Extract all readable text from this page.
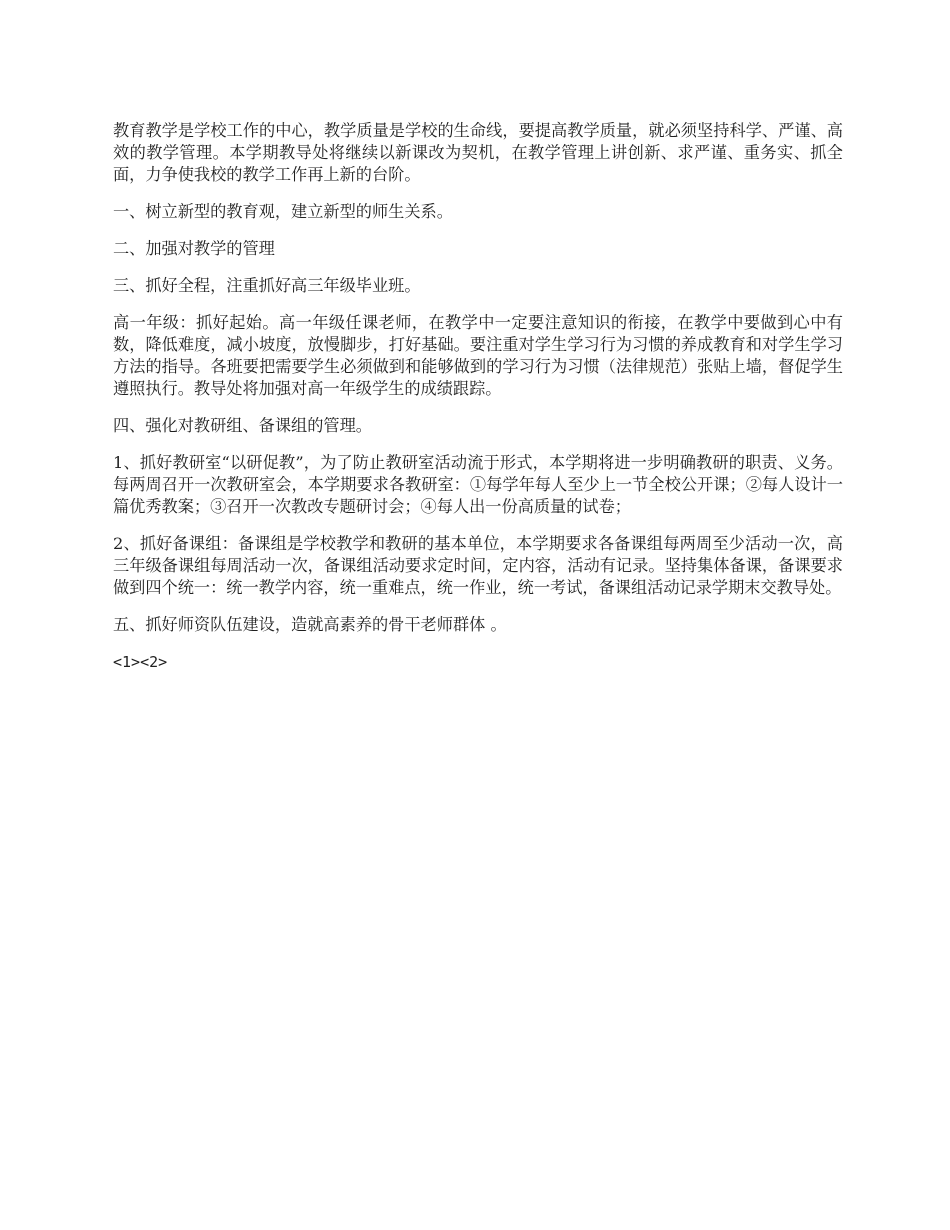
教育教学是学校工作的中心，教学质量是学校的生命线，要提高教学质量，就必须坚持科学、严谨、高效的教学管理。本学期教导处将继续以新课改为契机，在教学管理上讲创新、求严谨、重务实、抓全面，力争使我校的教学工作再上新的台阶。

一、树立新型的教育观，建立新型的师生关系。

二、加强对教学的管理

三、抓好全程，注重抓好高三年级毕业班。

高一年级：抓好起始。高一年级任课老师，在教学中一定要注意知识的衔接，在教学中要做到心中有数，降低难度，减小坡度，放慢脚步，打好基础。要注重对学生学习行为习惯的养成教育和对学生学习方法的指导。各班要把需要学生必须做到和能够做到的学习行为习惯（法律规范）张贴上墙，督促学生遵照执行。教导处将加强对高一年级学生的成绩跟踪。

四、强化对教研组、备课组的管理。

1、抓好教研室“以研促教”，为了防止教研室活动流于形式，本学期将进一步明确教研的职责、义务。每两周召开一次教研室会，本学期要求各教研室：①每学年每人至少上一节全校公开课；②每人设计一篇优秀教案；③召开一次教改专题研讨会；④每人出一份高质量的试卷；

2、抓好备课组：备课组是学校教学和教研的基本单位，本学期要求各备课组每两周至少活动一次，高三年级备课组每周活动一次，备课组活动要求定时间，定内容，活动有记录。坚持集体备课，备课要求做到四个统一：统一教学内容，统一重难点，统一作业，统一考试，备课组活动记录学期末交教导处。

五、抓好师资队伍建设，造就高素养的骨干老师群体 。

<1><2>
